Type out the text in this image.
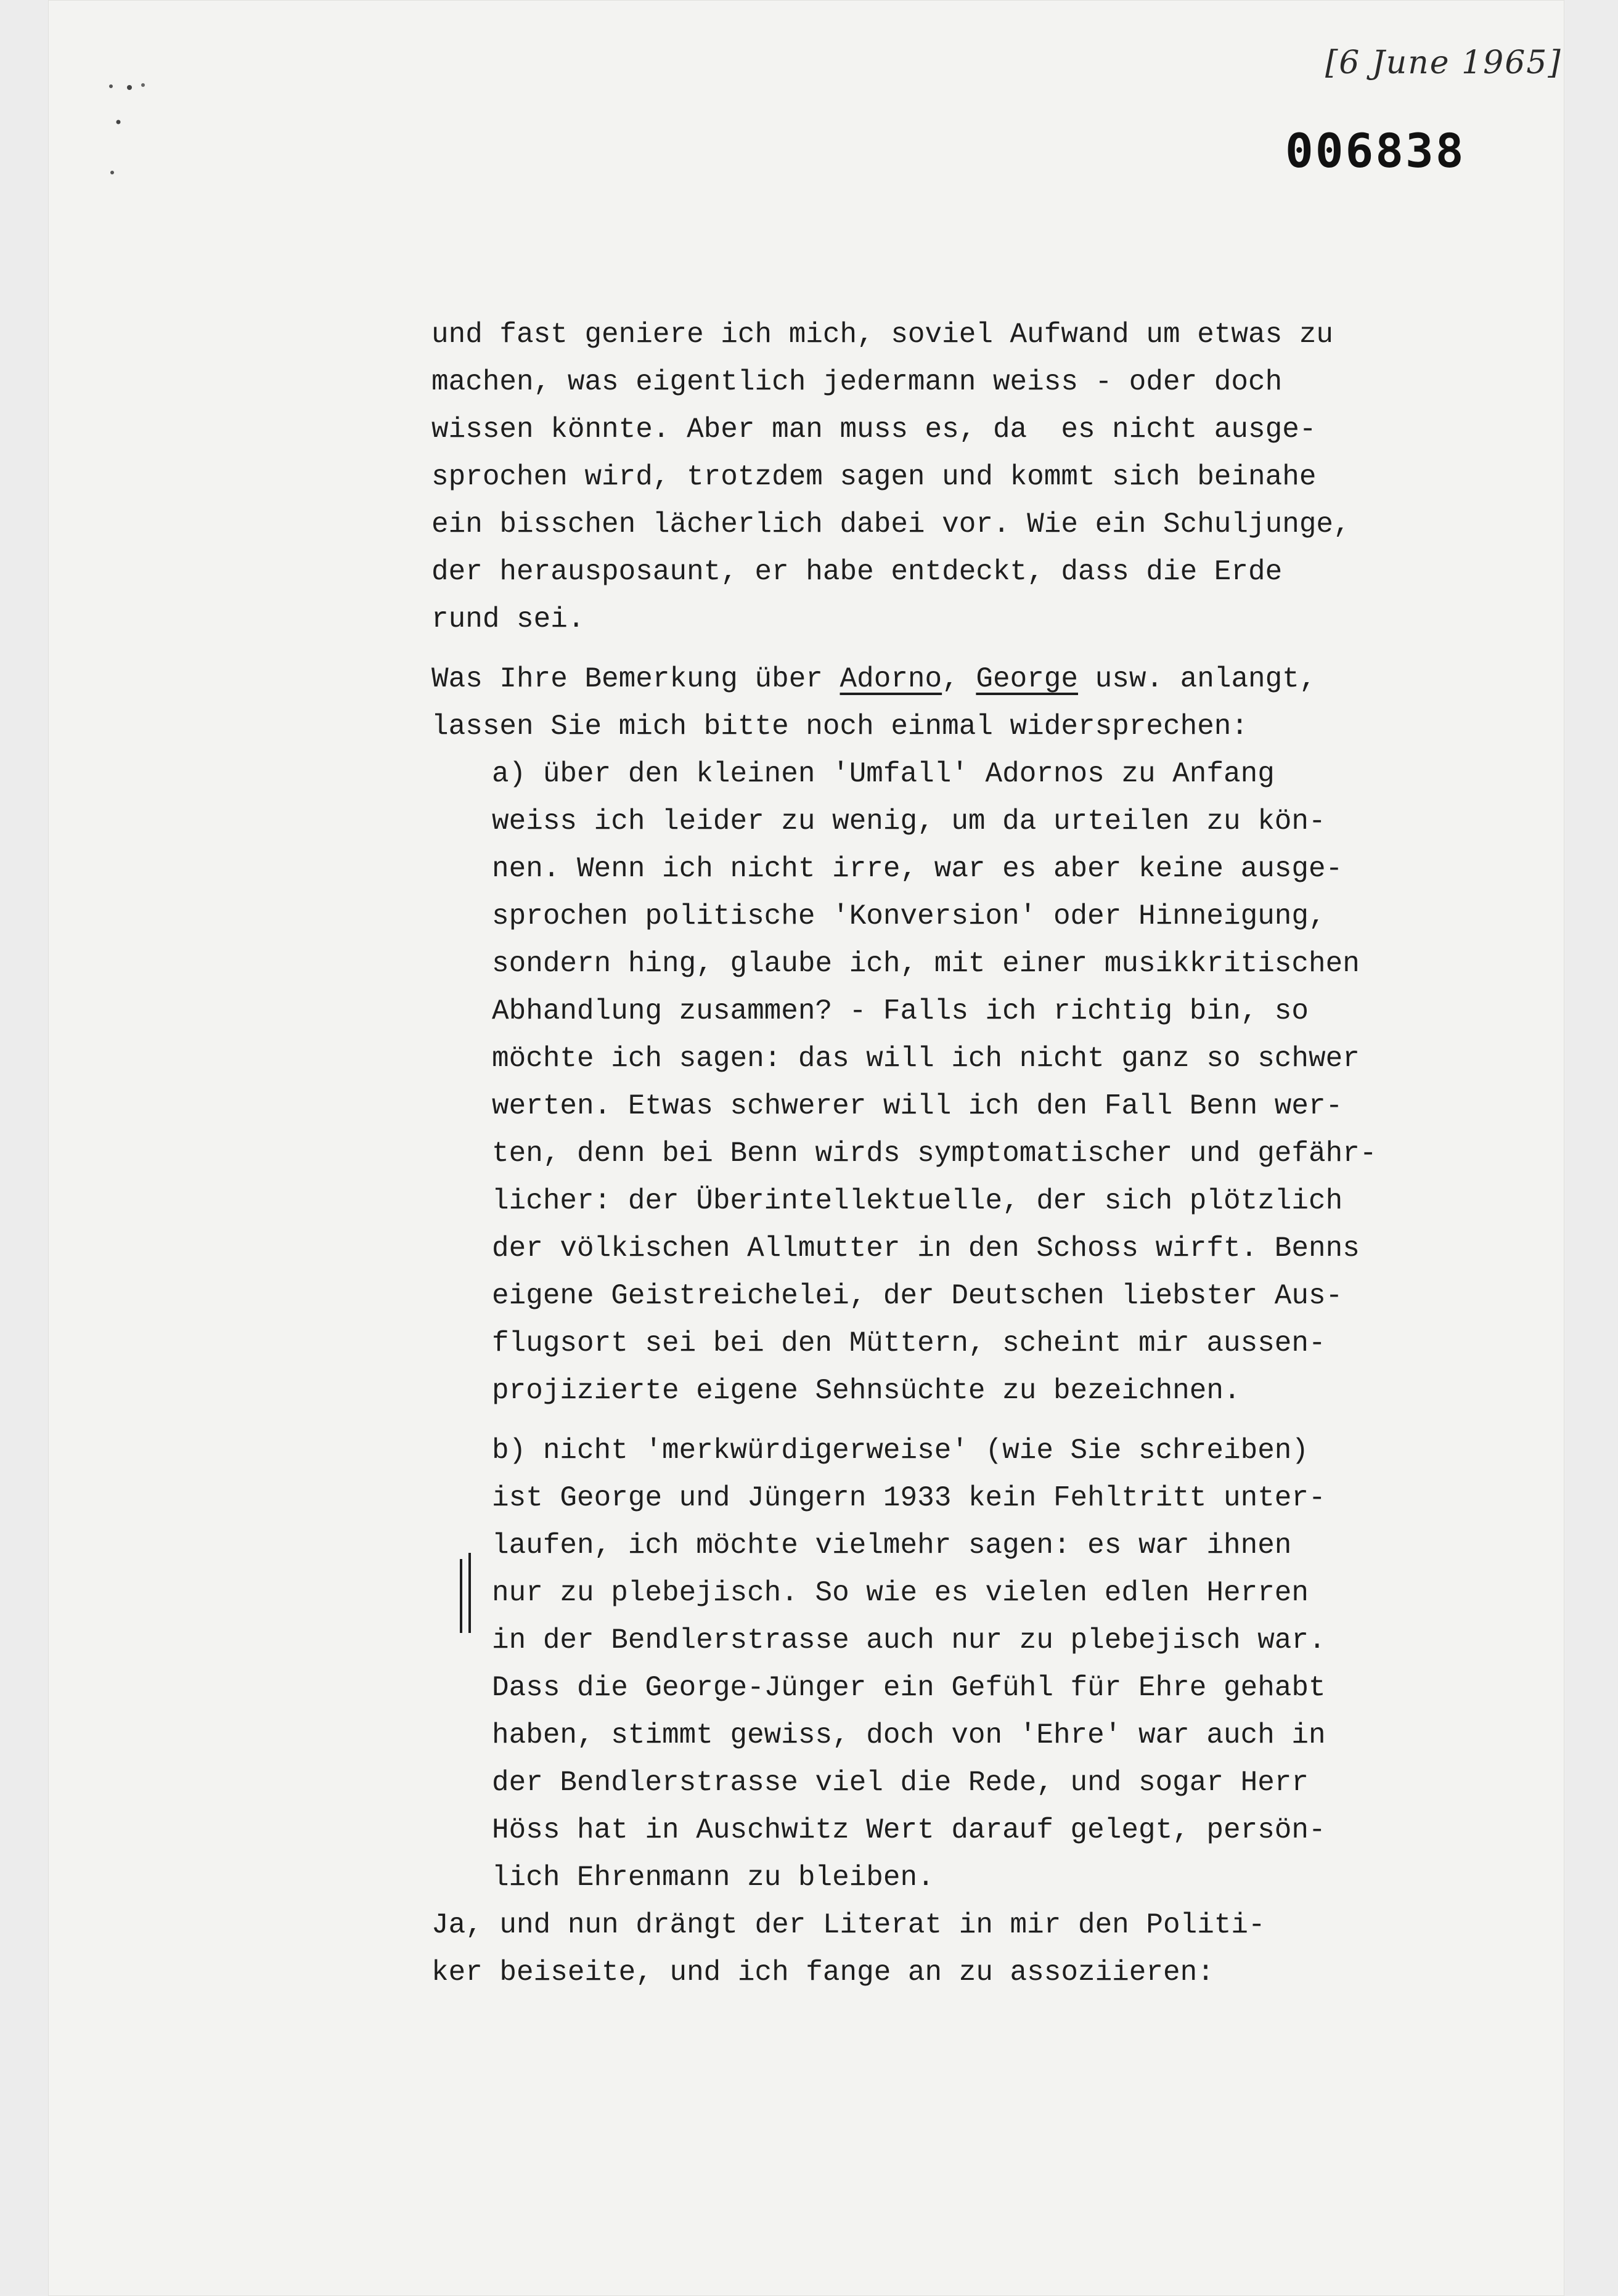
[6 June 1965]
006838
und fast geniere ich mich, soviel Aufwand um etwas zu
machen, was eigentlich jedermann weiss - oder doch
wissen könnte. Aber man muss es, da  es nicht ausge-
sprochen wird, trotzdem sagen und kommt sich beinahe
ein bisschen lächerlich dabei vor. Wie ein Schuljunge,
der herausposaunt, er habe entdeckt, dass die Erde
rund sei.
Was Ihre Bemerkung über Adorno, George usw. anlangt,
lassen Sie mich bitte noch einmal widersprechen:
a) über den kleinen 'Umfall' Adornos zu Anfang
weiss ich leider zu wenig, um da urteilen zu kön-
nen. Wenn ich nicht irre, war es aber keine ausge-
sprochen politische 'Konversion' oder Hinneigung,
sondern hing, glaube ich, mit einer musikkritischen
Abhandlung zusammen? - Falls ich richtig bin, so
möchte ich sagen: das will ich nicht ganz so schwer
werten. Etwas schwerer will ich den Fall Benn wer-
ten, denn bei Benn wirds symptomatischer und gefähr-
licher: der Überintellektuelle, der sich plötzlich
der völkischen Allmutter in den Schoss wirft. Benns
eigene Geistreichelei, der Deutschen liebster Aus-
flugsort sei bei den Müttern, scheint mir aussen-
projizierte eigene Sehnsüchte zu bezeichnen.
b) nicht 'merkwürdigerweise' (wie Sie schreiben)
ist George und Jüngern 1933 kein Fehltritt unter-
laufen, ich möchte vielmehr sagen: es war ihnen
nur zu plebejisch. So wie es vielen edlen Herren
in der Bendlerstrasse auch nur zu plebejisch war.
Dass die George-Jünger ein Gefühl für Ehre gehabt
haben, stimmt gewiss, doch von 'Ehre' war auch in
der Bendlerstrasse viel die Rede, und sogar Herr
Höss hat in Auschwitz Wert darauf gelegt, persön-
lich Ehrenmann zu bleiben.
Ja, und nun drängt der Literat in mir den Politi-
ker beiseite, und ich fange an zu assoziieren:
